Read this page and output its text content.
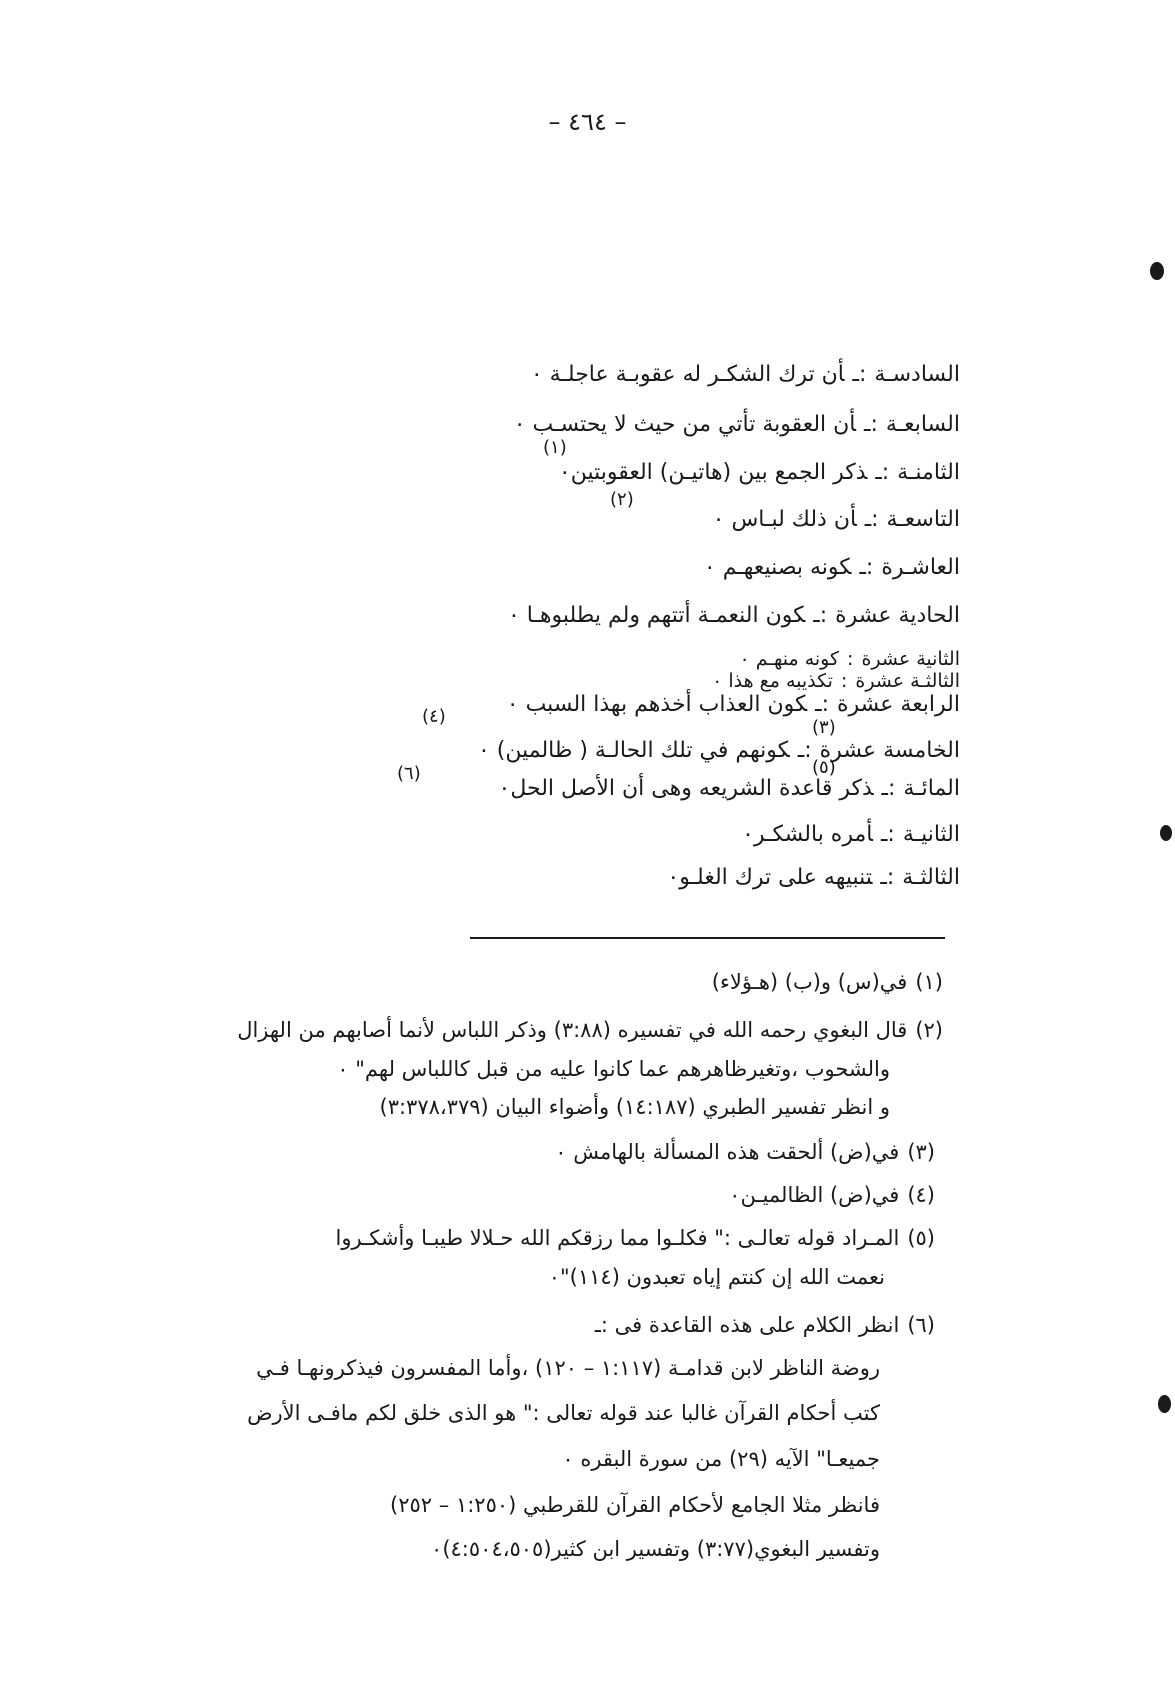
– ٤٦٤ –
السادسـة:ـأن ترك الشكـر له عقوبـة عاجلـة ٠
السابعـة:ـأن العقوبة تأتي من حيث لا يحتسـب ٠
الثامنـة:ـذكر الجمع بين (هاتيـن) العقوبتين٠
التاسعـة:ـأن ذلك لبـاس ٠
العاشـرة:ـكونه بصنيعهـم ٠
الحادية عشرة:ـكون النعمـة أتتهم ولم يطلبوهـا ٠
الثانية عشرة:كونه منهـم ٠
الثالثـة عشرة:تكذيبه مع هذا ٠
الرابعة عشرة:ـكون العذاب أخذهم بهذا السبب ٠
الخامسة عشرة:ـكونهم في تلك الحالـة ( ظالمين) ٠
المائـة:ـذكر قاعدة الشريعه وهى أن الأصل الحل٠
الثانيـة:ـأمره بالشكـر٠
الثالثـة:ـتنبيهه على ترك الغلـو٠
(١)
(٢)
(٣)
(٤)
(٥)
(٦)
(١)في(س) و(ب) (هـؤلاء)
(٢)قال البغوي رحمه الله في تفسيره (٣:٨٨) وذكر اللباس لأنما أصابهم من الهزال
والشحوب ،وتغيرظاهرهم عما كانوا عليه من قبل كاللباس لهم" ٠
و انظر تفسير الطبري (١٤:١٨٧) وأضواء البيان (٣:٣٧٨،٣٧٩)
(٣)في(ض) ألحقت هذه المسألة بالهامش ٠
(٤)في(ض) الظالميـن٠
(٥)المـراد قوله تعالـى :" فكلـوا مما رزقكم الله حـلالا طيبـا وأشكـروا
نعمت الله إن كنتم إياه تعبدون (١١٤)"٠
(٦)انظر الكلام على هذه القاعدة فى :ـ
روضة الناظر لابن قدامـة (١:١١٧ – ١٢٠) ،وأما المفسرون فيذكرونهـا فـي
كتب أحكام القرآن غالبا عند قوله تعالى :" هو الذى خلق لكم مافـى الأرض
جميعـا" الآيه (٢٩) من سورة البقره ٠
فانظر مثلا الجامع لأحكام القرآن للقرطبي (١:٢٥٠ – ٢٥٢)
وتفسير البغوي(٣:٧٧) وتفسير ابن كثير(٤:٥٠٤،٥٠٥)٠
